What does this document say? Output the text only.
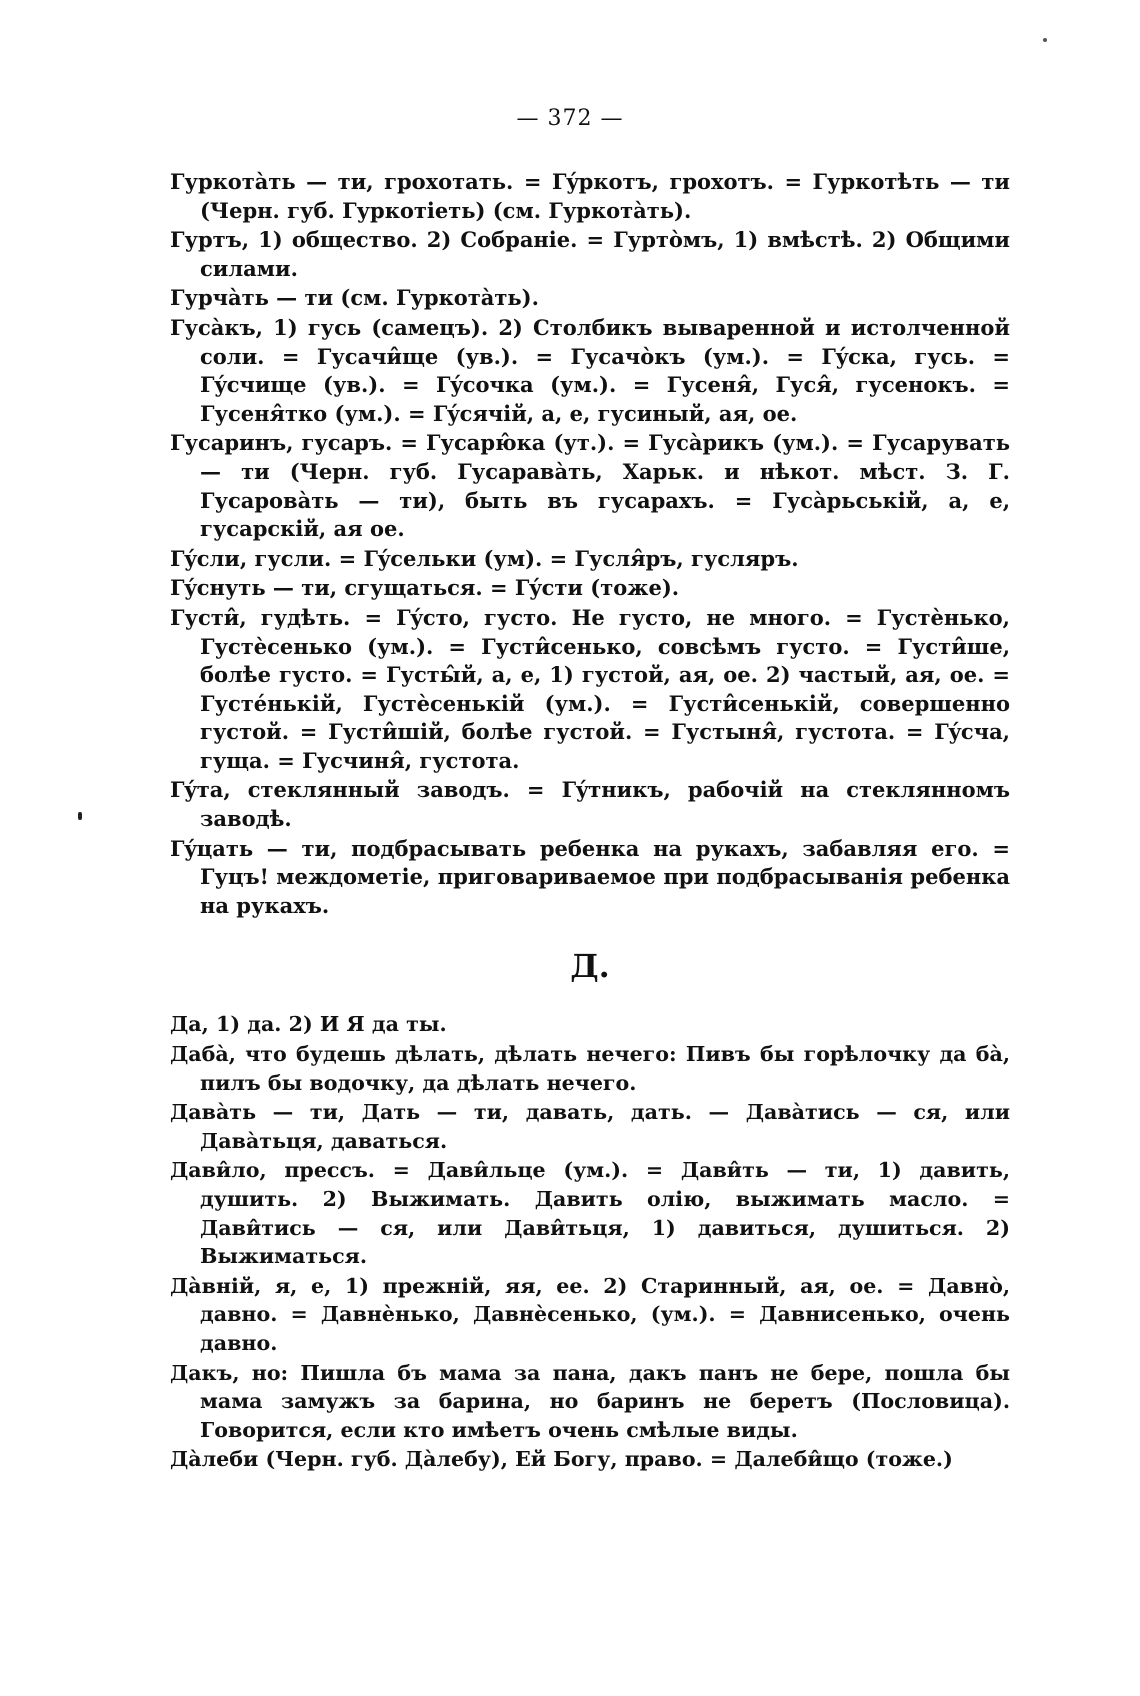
— 372 —

Гуркотàть — ти, грохотать. = Гýркотъ, грохотъ. = Гуркотѣть — ти (Черн. губ. Гуркотіеть) (см. Гуркотàть).

Гуртъ, 1) общество. 2) Собраніе. = Гуртòмъ, 1) вмѣстѣ. 2) Общими силами.

Гурчàть — ти (см. Гуркотàть).

Гусàкъ, 1) гусь (самецъ). 2) Столбикъ вываренной и истолченной соли. = Гусачи̂ще (ув.). = Гусачòкъ (ум.). = Гýска, гусь. = Гýсчище (ув.). = Гýсочка (ум.). = Гусеня̂, Гуся̂, гусенокъ. = Гусеня̂тко (ум.). = Гýсячій, а, е, гусиный, ая, ое.

Гусаринъ, гусаръ. = Гусарю̂ка (ут.). = Гусàрикъ (ум.). = Гусарувать — ти (Черн. губ. Гусаравàть, Харьк. и нѣкот. мѣст. З. Г. Гусаровàть — ти), быть въ гусарахъ. = Гусàрьській, а, е, гусарскій, ая ое.

Гýсли, гусли. = Гýсельки (ум). = Гусля̂ръ, гусляръ.

Гýснуть — ти, сгущаться. = Гýсти (тоже).

Густи̂, гудѣть. = Гýсто, густо. Не густо, не много. = Густèнько, Густèсенько (ум.). = Густи̂сенько, совсѣмъ густо. = Густи̂ше, болѣе густо. = Густы̂й, а, е, 1) густой, ая, ое. 2) частый, ая, ое. = Густéнькій, Густèсенькій (ум.). = Густи̂сенькій, совершенно густой. = Густи̂шій, болѣе густой. = Густыня̂, густота. = Гýсча, гуща. = Гусчиня̂, густота.

Гýта, стеклянный заводъ. = Гýтникъ, рабочій на стеклянномъ заводѣ.

Гýцать — ти, подбрасывать ребенка на рукахъ, забавляя его. = Гуцъ! междометіе, приговариваемое при подбрасыванія ребенка на рукахъ.

Д.

Да, 1) да. 2) И Я да ты.

Дабà, что будешь дѣлать, дѣлать нечего: Пивъ бы горѣлочку да бà, пилъ бы водочку, да дѣлать нечего.

Давàть — ти, Дать — ти, давать, дать. — Давàтись — ся, или Давàтьця, даваться.

Дави̂ло, прессъ. = Дави̂льце (ум.). = Дави̂ть — ти, 1) давить, душить. 2) Выжимать. Давить олію, выжимать масло. = Дави̂тись — ся, или Дави̂тьця, 1) давиться, душиться. 2) Выжиматься.

Дàвній, я, е, 1) прежній, яя, ее. 2) Старинный, ая, ое. = Давнò, давно. = Давнèнько, Давнèсенько, (ум.). = Давнисенько, очень давно.

Дакъ, но: Пишла бъ мама за пана, дакъ панъ не бере, пошла бы мама замужъ за барина, но баринъ не беретъ (Пословица). Говорится, если кто имѣетъ очень смѣлые виды.

Дàлеби (Черн. губ. Дàлебу), Ей Богу, право. = Далеби̂що (тоже.)
